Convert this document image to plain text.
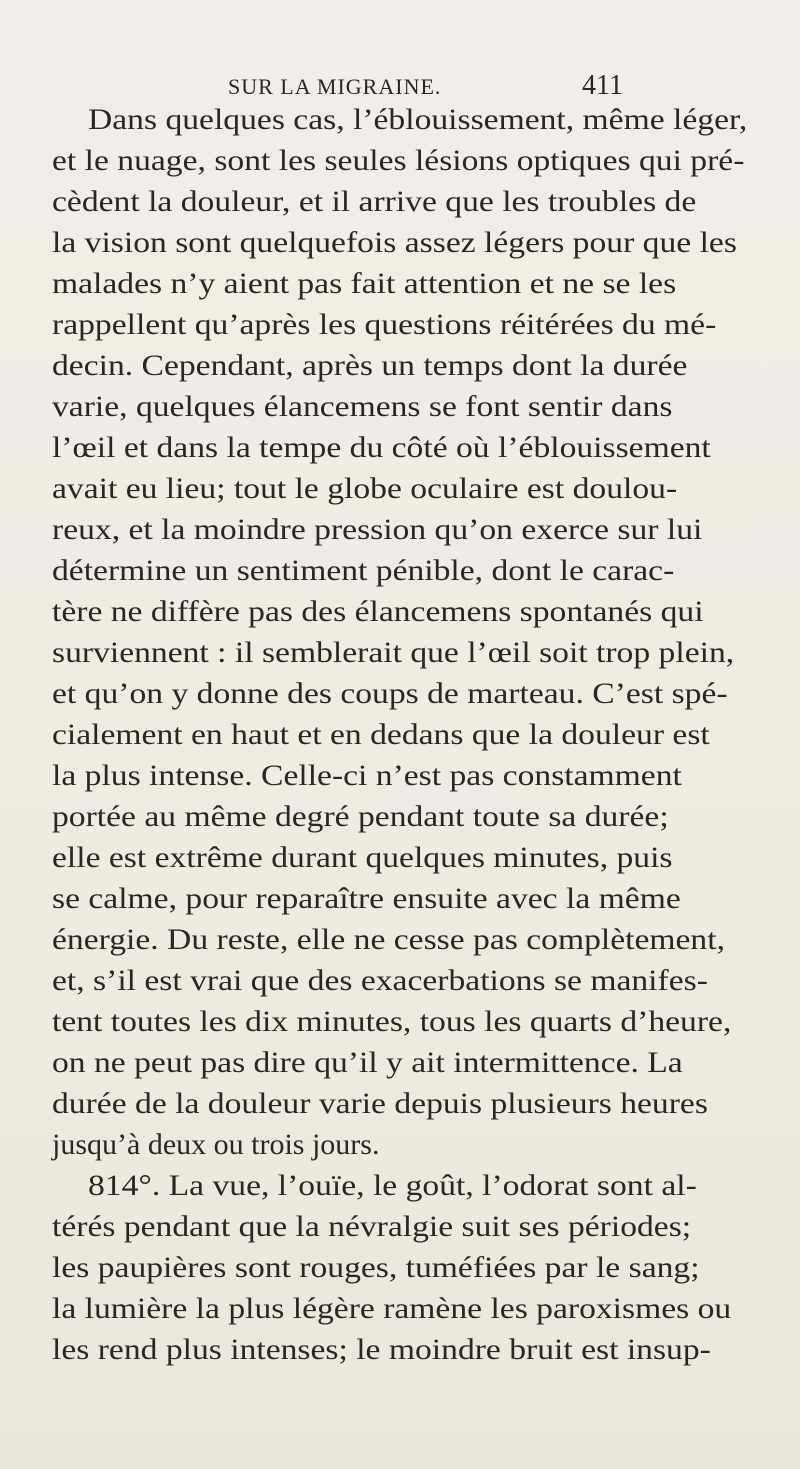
SUR LA MIGRAINE.	411
Dans quelques cas, l’éblouissement, même léger,
et le nuage, sont les seules lésions optiques qui pré-
cèdent la douleur, et il arrive que les troubles de
la vision sont quelquefois assez légers pour que les
malades n’y aient pas fait attention et ne se les
rappellent qu’après les questions réitérées du mé-
decin. Cependant, après un temps dont la durée
varie, quelques élancemens se font sentir dans
l’œil et dans la tempe du côté où l’éblouissement
avait eu lieu; tout le globe oculaire est doulou-
reux, et la moindre pression qu’on exerce sur lui
détermine un sentiment pénible, dont le carac-
tère ne diffère pas des élancemens spontanés qui
surviennent : il semblerait que l’œil soit trop plein,
et qu’on y donne des coups de marteau. C’est spé-
cialement en haut et en dedans que la douleur est
la plus intense. Celle-ci n’est pas constamment
portée au même degré pendant toute sa durée;
elle est extrême durant quelques minutes, puis
se calme, pour reparaître ensuite avec la même
énergie. Du reste, elle ne cesse pas complètement,
et, s’il est vrai que des exacerbations se manifes-
tent toutes les dix minutes, tous les quarts d’heure,
on ne peut pas dire qu’il y ait intermittence. La
durée de la douleur varie depuis plusieurs heures
jusqu’à deux ou trois jours.
814°. La vue, l’ouïe, le goût, l’odorat sont al-
térés pendant que la névralgie suit ses périodes;
les paupières sont rouges, tuméfiées par le sang;
la lumière la plus légère ramène les paroxismes ou
les rend plus intenses; le moindre bruit est insup-
